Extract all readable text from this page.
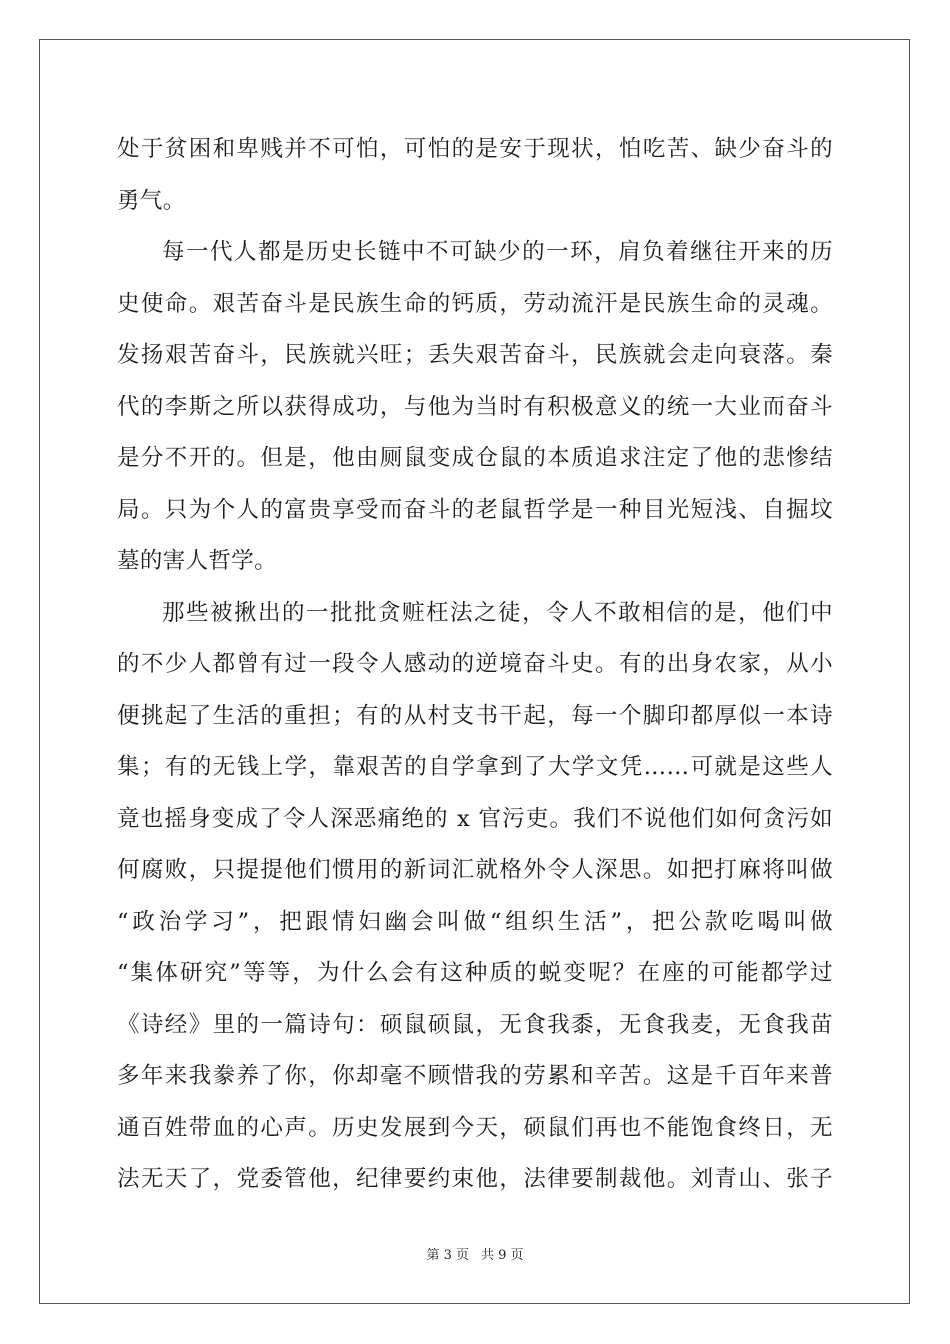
处于贫困和卑贱并不可怕，可怕的是安于现状，怕吃苦、缺少奋斗的
勇气。
每一代人都是历史长链中不可缺少的一环，肩负着继往开来的历
史使命。艰苦奋斗是民族生命的钙质，劳动流汗是民族生命的灵魂。
发扬艰苦奋斗，民族就兴旺；丢失艰苦奋斗，民族就会走向衰落。秦
代的李斯之所以获得成功，与他为当时有积极意义的统一大业而奋斗
是分不开的。但是，他由厕鼠变成仓鼠的本质追求注定了他的悲惨结
局。只为个人的富贵享受而奋斗的老鼠哲学是一种目光短浅、自掘坟
墓的害人哲学。
那些被揪出的一批批贪赃枉法之徒，令人不敢相信的是，他们中
的不少人都曾有过一段令人感动的逆境奋斗史。有的出身农家，从小
便挑起了生活的重担；有的从村支书干起，每一个脚印都厚似一本诗
集；有的无钱上学，靠艰苦的自学拿到了大学文凭……可就是这些人
竟也摇身变成了令人深恶痛绝的 x 官污吏。我们不说他们如何贪污如
何腐败，只提提他们惯用的新词汇就格外令人深思。如把打麻将叫做
“政治学习”，把跟情妇幽会叫做“组织生活”，把公款吃喝叫做
“集体研究”等等，为什么会有这种质的蜕变呢？在座的可能都学过
《诗经》里的一篇诗句：硕鼠硕鼠，无食我黍，无食我麦，无食我苗
多年来我豢养了你，你却毫不顾惜我的劳累和辛苦。这是千百年来普
通百姓带血的心声。历史发展到今天，硕鼠们再也不能饱食终日，无
法无天了，党委管他，纪律要约束他，法律要制裁他。刘青山、张子
第 3 页 共 9 页
